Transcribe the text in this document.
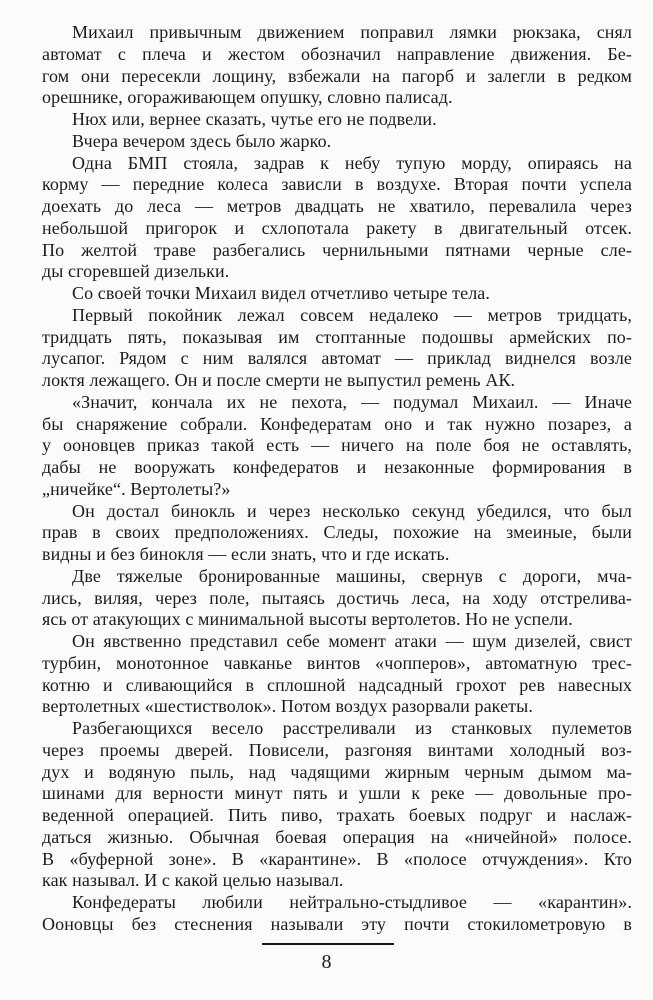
Михаил привычным движением поправил лямки рюкзака, снял
автомат с плеча и жестом обозначил направление движения. Бе-
гом они пересекли лощину, взбежали на пагорб и залегли в редком
орешнике, огораживающем опушку, словно палисад.
Нюх или, вернее сказать, чутье его не подвели.
Вчера вечером здесь было жарко.
Одна БМП стояла, задрав к небу тупую морду, опираясь на
корму — передние колеса зависли в воздухе. Вторая почти успела
доехать до леса — метров двадцать не хватило, перевалила через
небольшой пригорок и схлопотала ракету в двигательный отсек.
По желтой траве разбегались чернильными пятнами черные сле-
ды сгоревшей дизельки.
Со своей точки Михаил видел отчетливо четыре тела.
Первый покойник лежал совсем недалеко — метров тридцать,
тридцать пять, показывая им стоптанные подошвы армейских по-
лусапог. Рядом с ним валялся автомат — приклад виднелся возле
локтя лежащего. Он и после смерти не выпустил ремень АК.
«Значит, кончала их не пехота, — подумал Михаил. — Иначе
бы снаряжение собрали. Конфедератам оно и так нужно позарез, а
у ооновцев приказ такой есть — ничего на поле боя не оставлять,
дабы не вооружать конфедератов и незаконные формирования в
„ничейке“. Вертолеты?»
Он достал бинокль и через несколько секунд убедился, что был
прав в своих предположениях. Следы, похожие на змеиные, были
видны и без бинокля — если знать, что и где искать.
Две тяжелые бронированные машины, свернув с дороги, мча-
лись, виляя, через поле, пытаясь достичь леса, на ходу отстрелива-
ясь от атакующих с минимальной высоты вертолетов. Но не успели.
Он явственно представил себе момент атаки — шум дизелей, свист
турбин, монотонное чавканье винтов «чопперов», автоматную трес-
котню и сливающийся в сплошной надсадный грохот рев навесных
вертолетных «шестистволок». Потом воздух разорвали ракеты.
Разбегающихся весело расстреливали из станковых пулеметов
через проемы дверей. Повисели, разгоняя винтами холодный воз-
дух и водяную пыль, над чадящими жирным черным дымом ма-
шинами для верности минут пять и ушли к реке — довольные про-
веденной операцией. Пить пиво, трахать боевых подруг и наслаж-
даться жизнью. Обычная боевая операция на «ничейной» полосе.
В «буферной зоне». В «карантине». В «полосе отчуждения». Кто
как называл. И с какой целью называл.
Конфедераты любили нейтрально-стыдливое — «карантин».
Ооновцы без стеснения называли эту почти стокилометровую в
8
